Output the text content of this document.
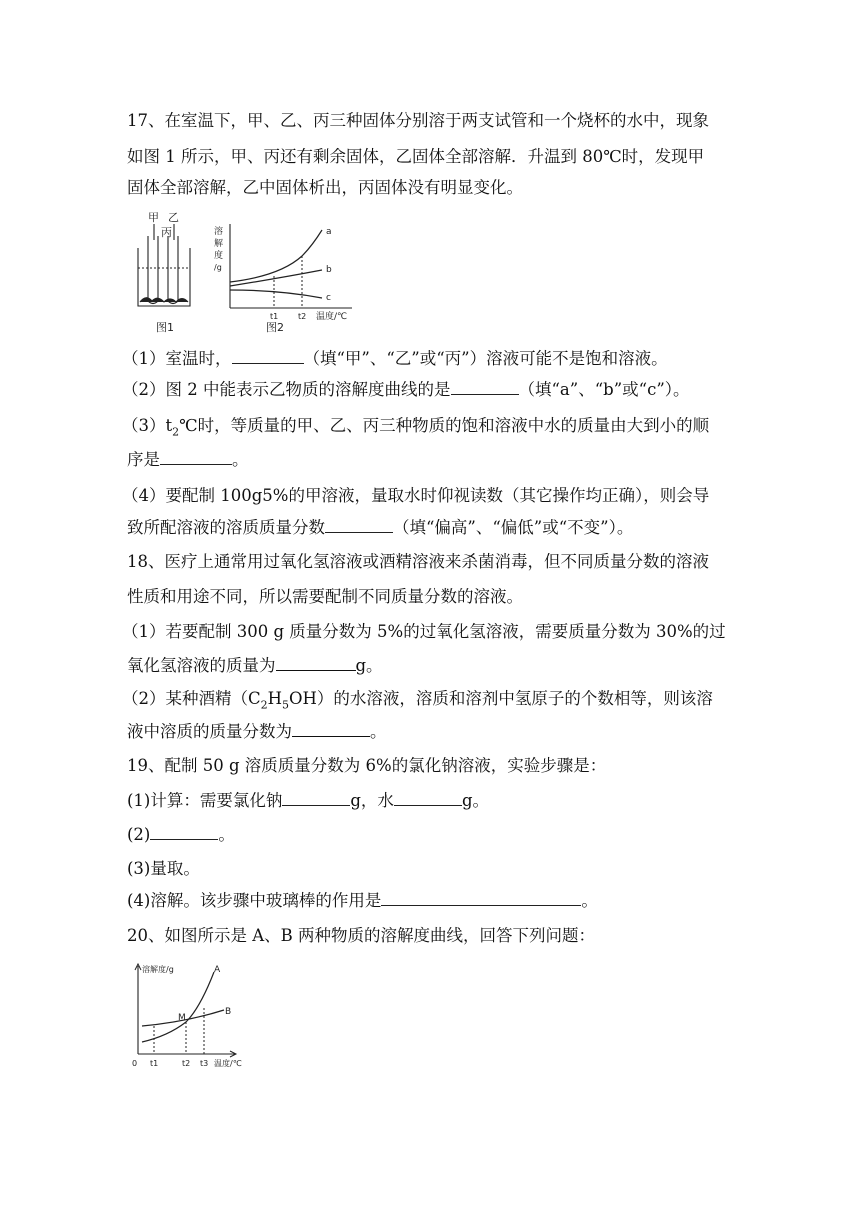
17、在室温下，甲、乙、丙三种固体分别溶于两支试管和一个烧杯的水中，现象
如图 1 所示，甲、丙还有剩余固体，乙固体全部溶解．升温到 80℃时，发现甲
固体全部溶解，乙中固体析出，丙固体没有明显变化。
甲 乙
丙
图1
溶
解
度
/g
a
b
c
t1 t2 温度/℃
图2
（1）室温时，	（填“甲”、“乙”或“丙”）溶液可能不是饱和溶液。
（2）图 2 中能表示乙物质的溶解度曲线的是	（填“a”、“b”或“c”）。
$(3)t_2℃$时，等质量的甲、乙、丙三种物质的饱和溶液中水的质量由大到小的顺
序是	。
（4）要配制 100g5%的甲溶液，量取水时仰视读数（其它操作均正确），则会导
致所配溶液的溶质质量分数	（填“偏高”、“偏低”或“不变”）。
18、医疗上通常用过氧化氢溶液或酒精溶液来杀菌消毒，但不同质量分数的溶液
性质和用途不同，所以需要配制不同质量分数的溶液。
（1）若要配制 300 g 质量分数为 5%的过氧化氢溶液，需要质量分数为 30%的过
氧化氢溶液的质量为	g。
（2）某种酒精$(C_2H_5OH)$的水溶液，溶质和溶剂中氢原子的个数相等，则该溶
液中溶质的质量分数为	。
19、配制 50 g 溶质质量分数为 6%的氯化钠溶液，实验步骤是：
(1)计算：需要氯化钠	g，水	g。
(2)	。
(3)量取。
(4)溶解。该步骤中玻璃棒的作用是	。
20、如图所示是 A、B 两种物质的溶解度曲线，回答下列问题：
溶解度/g	A
B
M
0 t1	t2 t3 温度/℃
